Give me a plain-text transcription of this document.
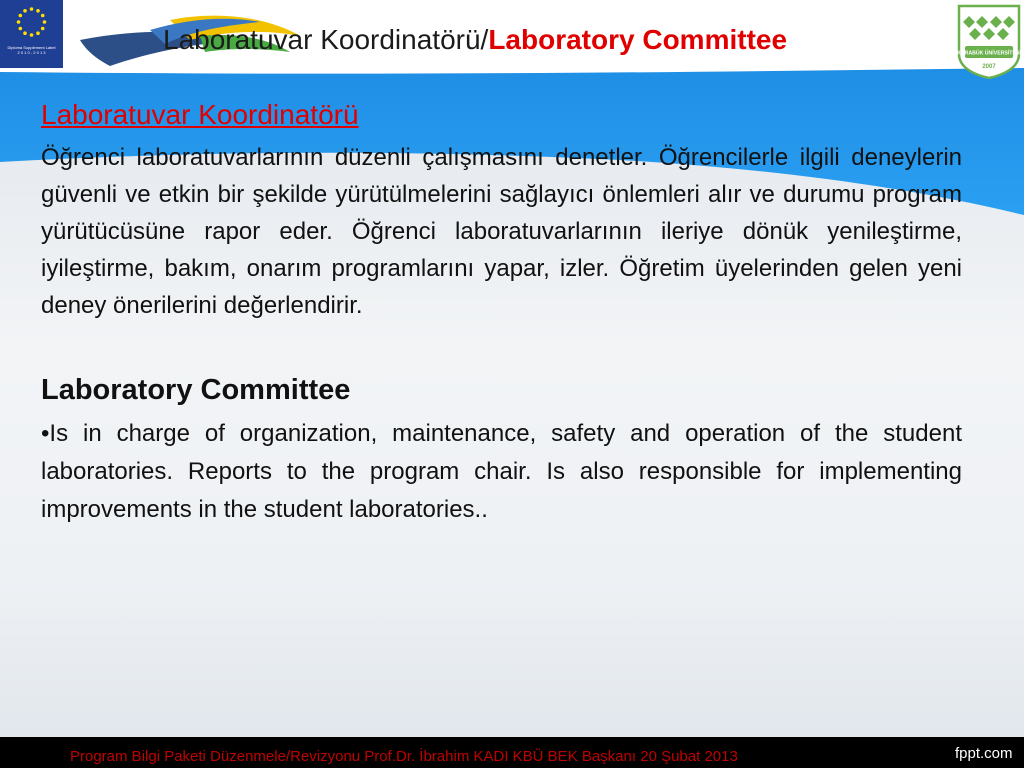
Diploma Supplement Label
2 0 1 0 - 2 0 1 3	Laboratuvar Koordinatörü/Laboratory Committee	KARABÜK ÜNİVERSİTESİ
2007
Laboratuvar Koordinatörü

Öğrenci laboratuvarlarının düzenli çalışmasını denetler. Öğrencilerle ilgili deneylerin güvenli ve etkin bir şekilde yürütülmelerini sağlayıcı önlemleri alır ve durumu program yürütücüsüne rapor eder. Öğrenci laboratuvarlarının ileriye dönük yenileştirme, iyileştirme, bakım, onarım programlarını yapar, izler. Öğretim üyelerinden gelen yeni deney önerilerini değerlendirir.

Laboratory Committee

•Is in charge of organization, maintenance, safety and operation of the student laboratories. Reports to the program chair. Is also responsible for implementing improvements in the student laboratories..

Program Bilgi Paketi Düzenmele/Revizyonu Prof.Dr. İbrahim KADI KBÜ BEK Başkanı 20 Şubat 2013	fppt.com
